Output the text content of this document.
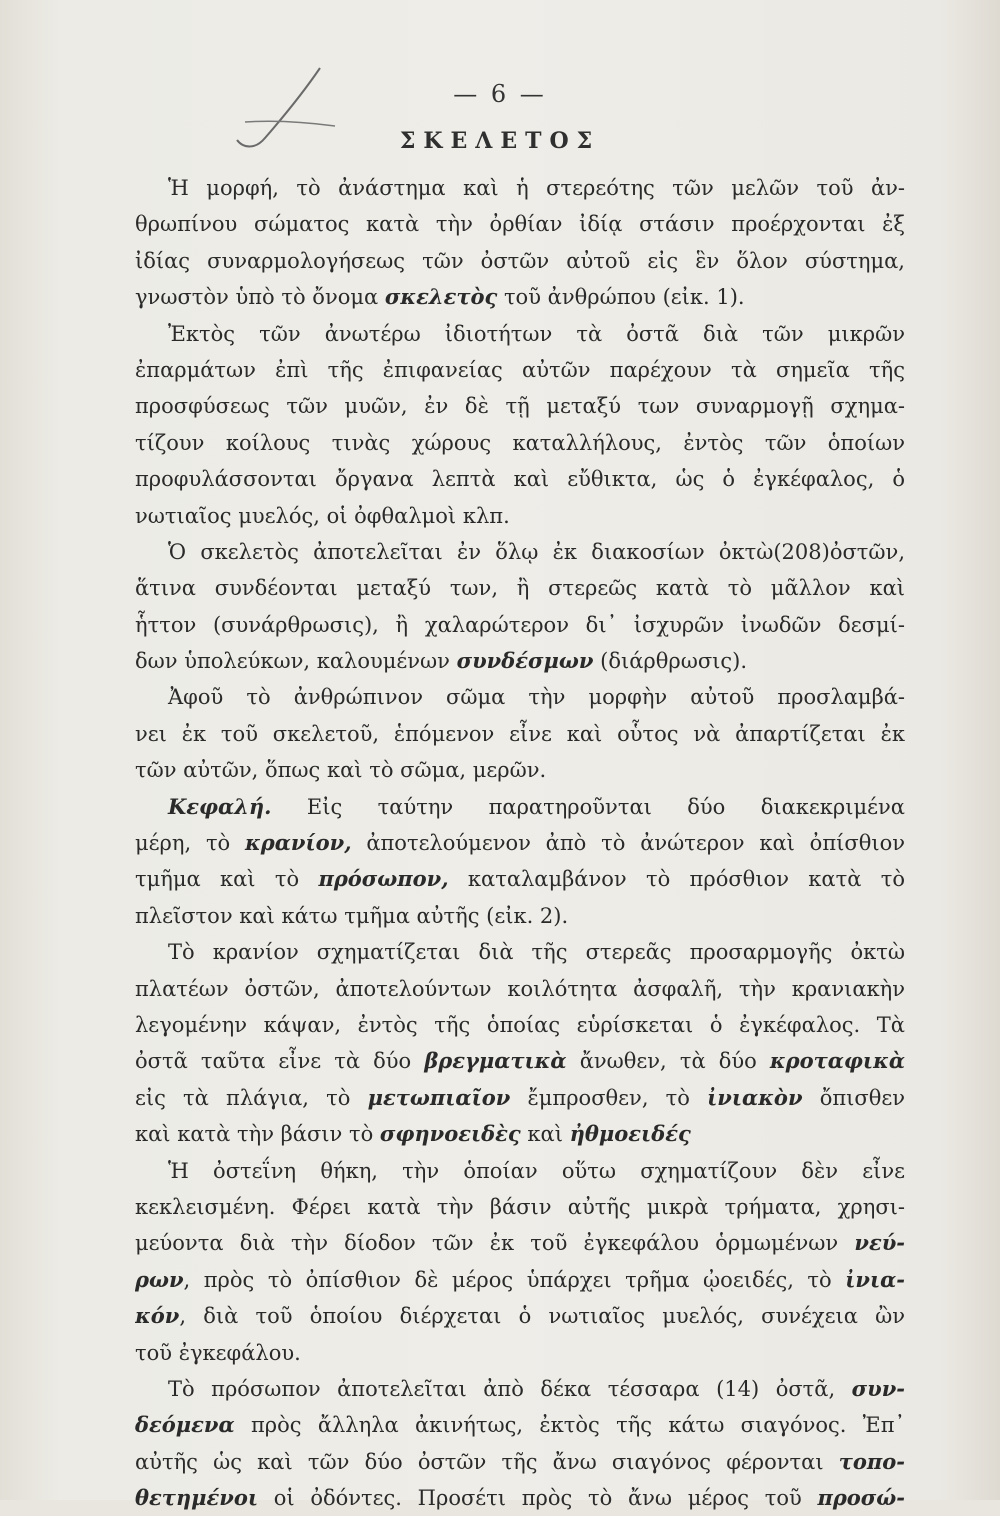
— 6 —
ΣΚΕΛΕΤΟΣ
Ἡ μορφή, τὸ ἀνάστημα καὶ ἡ στερεότης τῶν μελῶν τοῦ ἀν-
θρωπίνου σώματος κατὰ τὴν ὀρθίαν ἰδίᾳ στάσιν προέρχονται ἐξ
ἰδίας συναρμολογήσεως τῶν ὀστῶν αὐτοῦ εἰς ἓν ὅλον σύστημα,
γνωστὸν ὑπὸ τὸ ὄνομα σκελετὸς τοῦ ἀνθρώπου (εἰκ. 1).
Ἐκτὸς τῶν ἀνωτέρω ἰδιοτήτων τὰ ὀστᾶ διὰ τῶν μικρῶν
ἐπαρμάτων ἐπὶ τῆς ἐπιφανείας αὐτῶν παρέχουν τὰ σημεῖα τῆς
προσφύσεως τῶν μυῶν, ἐν δὲ τῇ μεταξύ των συναρμογῇ σχημα-
τίζουν κοίλους τινὰς χώρους καταλλήλους, ἐντὸς τῶν ὁποίων
προφυλάσσονται ὄργανα λεπτὰ καὶ εὔθικτα, ὡς ὁ ἐγκέφαλος, ὁ
νωτιαῖος μυελός, οἱ ὀφθαλμοὶ κλπ.
Ὁ σκελετὸς ἀποτελεῖται ἐν ὅλῳ ἐκ διακοσίων ὀκτὼ(208)ὀστῶν,
ἅτινα συνδέονται μεταξύ των, ἢ στερεῶς κατὰ τὸ μᾶλλον καὶ
ἧττον (συνάρθρωσις), ἢ χαλαρώτερον δι᾿ ἰσχυρῶν ἰνωδῶν δεσμί-
δων ὑπολεύκων, καλουμένων συνδέσμων (διάρθρωσις).
Ἀφοῦ τὸ ἀνθρώπινον σῶμα τὴν μορφὴν αὐτοῦ προσλαμβά-
νει ἐκ τοῦ σκελετοῦ, ἑπόμενον εἶνε καὶ οὗτος νὰ ἀπαρτίζεται ἐκ
τῶν αὐτῶν, ὅπως καὶ τὸ σῶμα, μερῶν.
Κεφαλή. Εἰς ταύτην παρατηροῦνται δύο διακεκριμένα
μέρη, τὸ κρανίον, ἀποτελούμενον ἀπὸ τὸ ἀνώτερον καὶ ὀπίσθιον
τμῆμα καὶ τὸ πρόσωπον, καταλαμβάνον τὸ πρόσθιον κατὰ τὸ
πλεῖστον καὶ κάτω τμῆμα αὐτῆς (εἰκ. 2).
Τὸ κρανίον σχηματίζεται διὰ τῆς στερεᾶς προσαρμογῆς ὀκτὼ
πλατέων ὀστῶν, ἀποτελούντων κοιλότητα ἀσφαλῆ, τὴν κρανιακὴν
λεγομένην κάψαν, ἐντὸς τῆς ὁποίας εὑρίσκεται ὁ ἐγκέφαλος. Τὰ
ὀστᾶ ταῦτα εἶνε τὰ δύο βρεγματικὰ ἄνωθεν, τὰ δύο κροταφικὰ
εἰς τὰ πλάγια, τὸ μετωπιαῖον ἔμπροσθεν, τὸ ἰνιακὸν ὄπισθεν
καὶ κατὰ τὴν βάσιν τὸ σφηνοειδὲς καὶ ἠθμοειδές
Ἡ ὀστεΐνη θήκη, τὴν ὁποίαν οὕτω σχηματίζουν δὲν εἶνε
κεκλεισμένη. Φέρει κατὰ τὴν βάσιν αὐτῆς μικρὰ τρήματα, χρησι-
μεύοντα διὰ τὴν δίοδον τῶν ἐκ τοῦ ἐγκεφάλου ὁρμωμένων νεύ-
ρων, πρὸς τὸ ὀπίσθιον δὲ μέρος ὑπάρχει τρῆμα ᾠοειδές, τὸ ἰνια-
κόν, διὰ τοῦ ὁποίου διέρχεται ὁ νωτιαῖος μυελός, συνέχεια ὢν
τοῦ ἐγκεφάλου.
Τὸ πρόσωπον ἀποτελεῖται ἀπὸ δέκα τέσσαρα (14) ὀστᾶ, συν-
δεόμενα πρὸς ἄλληλα ἀκινήτως, ἐκτὸς τῆς κάτω σιαγόνος. Ἐπ᾿
αὐτῆς ὡς καὶ τῶν δύο ὀστῶν τῆς ἄνω σιαγόνος φέρονται τοπο-
θετημένοι οἱ ὀδόντες. Προσέτι πρὸς τὸ ἄνω μέρος τοῦ προσώ-
